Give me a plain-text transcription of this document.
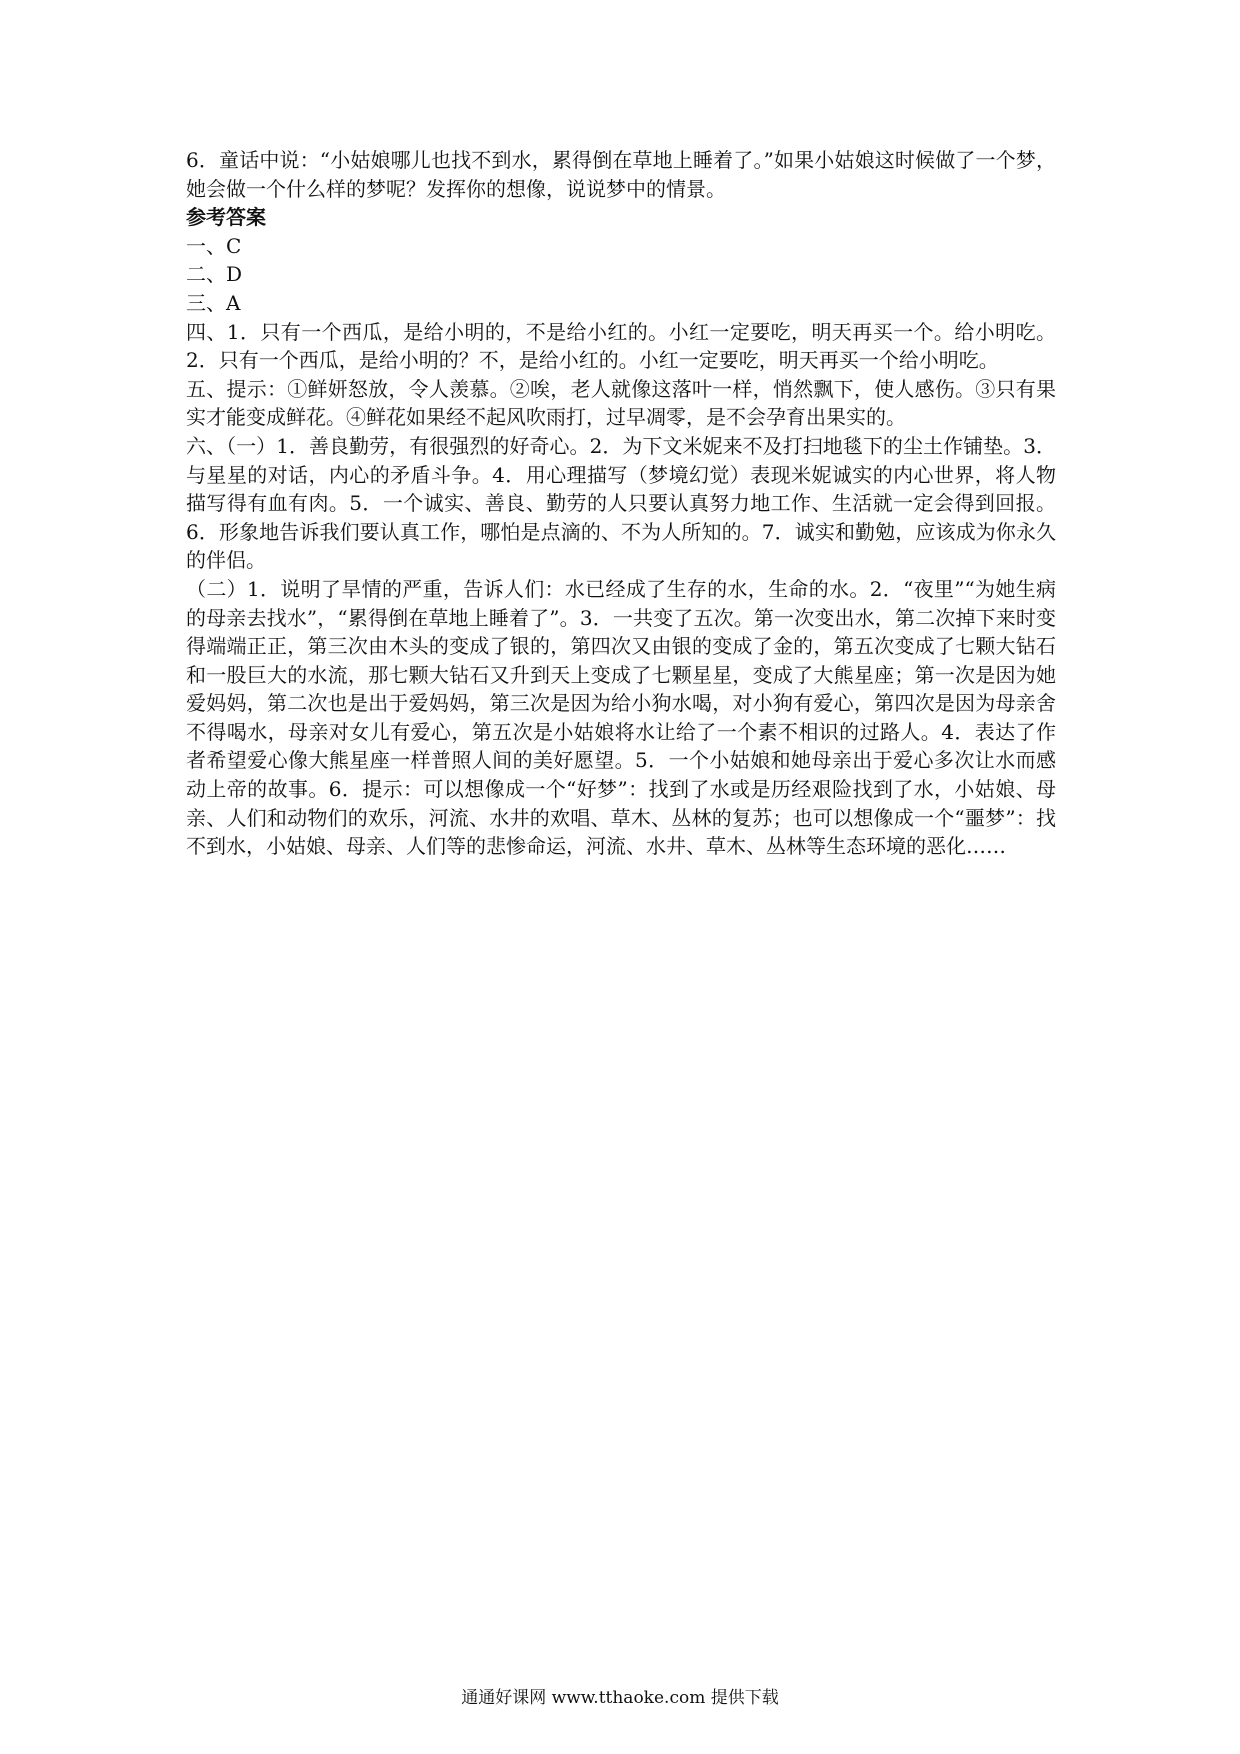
6．童话中说：“小姑娘哪儿也找不到水，累得倒在草地上睡着了。”如果小姑娘这时候做了一个梦，她会做一个什么样的梦呢？发挥你的想像，说说梦中的情景。

参考答案

一、C

二、D

三、A

四、1．只有一个西瓜，是给小明的，不是给小红的。小红一定要吃，明天再买一个。给小明吃。2．只有一个西瓜，是给小明的？不，是给小红的。小红一定要吃，明天再买一个给小明吃。

五、提示：①鲜妍怒放，令人羡慕。②唉，老人就像这落叶一样，悄然飘下，使人感伤。③只有果实才能变成鲜花。④鲜花如果经不起风吹雨打，过早凋零，是不会孕育出果实的。

六、（一）1．善良勤劳，有很强烈的好奇心。2．为下文米妮来不及打扫地毯下的尘土作铺垫。3．与星星的对话，内心的矛盾斗争。4．用心理描写（梦境幻觉）表现米妮诚实的内心世界，将人物描写得有血有肉。5．一个诚实、善良、勤劳的人只要认真努力地工作、生活就一定会得到回报。6．形象地告诉我们要认真工作，哪怕是点滴的、不为人所知的。7．诚实和勤勉，应该成为你永久的伴侣。

（二）1．说明了旱情的严重，告诉人们：水已经成了生存的水，生命的水。2．“夜里”“为她生病的母亲去找水”，“累得倒在草地上睡着了”。3．一共变了五次。第一次变出水，第二次掉下来时变得端端正正，第三次由木头的变成了银的，第四次又由银的变成了金的，第五次变成了七颗大钻石和一股巨大的水流，那七颗大钻石又升到天上变成了七颗星星，变成了大熊星座；第一次是因为她爱妈妈，第二次也是出于爱妈妈，第三次是因为给小狗水喝，对小狗有爱心，第四次是因为母亲舍不得喝水，母亲对女儿有爱心，第五次是小姑娘将水让给了一个素不相识的过路人。4．表达了作者希望爱心像大熊星座一样普照人间的美好愿望。5．一个小姑娘和她母亲出于爱心多次让水而感动上帝的故事。6．提示：可以想像成一个“好梦”：找到了水或是历经艰险找到了水，小姑娘、母亲、人们和动物们的欢乐，河流、水井的欢唱、草木、丛林的复苏；也可以想像成一个“噩梦”：找不到水，小姑娘、母亲、人们等的悲惨命运，河流、水井、草木、丛林等生态环境的恶化……

通通好课网 www.tthaoke.com 提供下载
